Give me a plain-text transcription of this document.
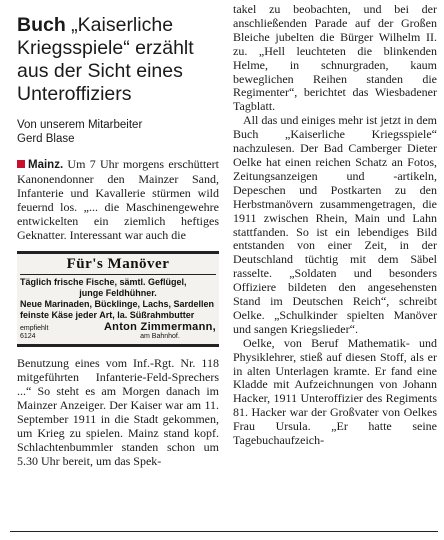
Buch „Kaiserliche Kriegsspiele“ erzählt aus der Sicht eines Unteroffiziers
Von unserem Mitarbeiter
Gerd Blase

Mainz. Um 7 Uhr morgens erschüttert Kanonendonner den Mainzer Sand, Infanterie und Kavallerie stürmen wild feuernd los. „... die Maschinengewehre entwickelten ein ziemlich heftiges Geknatter. Interessant war auch die

Für's Manöver
Täglich frische Fische, sämtl. Geflügel,
junge Feldhühner.
Neue Marinaden, Bücklinge, Lachs, Sardellen
feinste Käse jeder Art, la. Süßrahmbutter
empfiehlt
6124
Anton Zimmermann,
am Bahnhof.

Benutzung eines vom Inf.-Rgt. Nr. 118 mitgeführten Infanterie-Feld-Sprechers ...“ So steht es am Morgen danach im Mainzer Anzeiger. Der Kaiser war am 11. September 1911 in die Stadt gekommen, um Krieg zu spielen. Mainz stand kopf. Schlachtenbummler standen schon um 5.30 Uhr bereit, um das Spek-

takel zu beobachten, und bei der anschließenden Parade auf der Großen Bleiche jubelten die Bürger Wilhelm II. zu. „Hell leuchteten die blinkenden Helme, in schnurgraden, kaum beweglichen Reihen standen die Regimenter“, berichtet das Wiesbadener Tagblatt.

All das und einiges mehr ist jetzt in dem Buch „Kaiserliche Kriegsspiele“ nachzulesen. Der Bad Camberger Dieter Oelke hat einen reichen Schatz an Fotos, Zeitungsanzeigen und -artikeln, Depeschen und Postkarten zu den Herbstmanövern zusammengetragen, die 1911 zwischen Rhein, Main und Lahn stattfanden. So ist ein lebendiges Bild entstanden von einer Zeit, in der Deutschland tüchtig mit dem Säbel rasselte. „Soldaten und besonders Offiziere bildeten den angesehensten Stand im Deutschen Reich“, schreibt Oelke. „Schulkinder spielten Manöver und sangen Kriegslieder“.

Oelke, von Beruf Mathematik- und Physiklehrer, stieß auf diesen Stoff, als er in alten Unterlagen kramte. Er fand eine Kladde mit Aufzeichnungen von Johann Hacker, 1911 Unteroffizier des Regiments 81. Hacker war der Großvater von Oelkes Frau Ursula. „Er hatte seine Tagebuchaufzeich-
